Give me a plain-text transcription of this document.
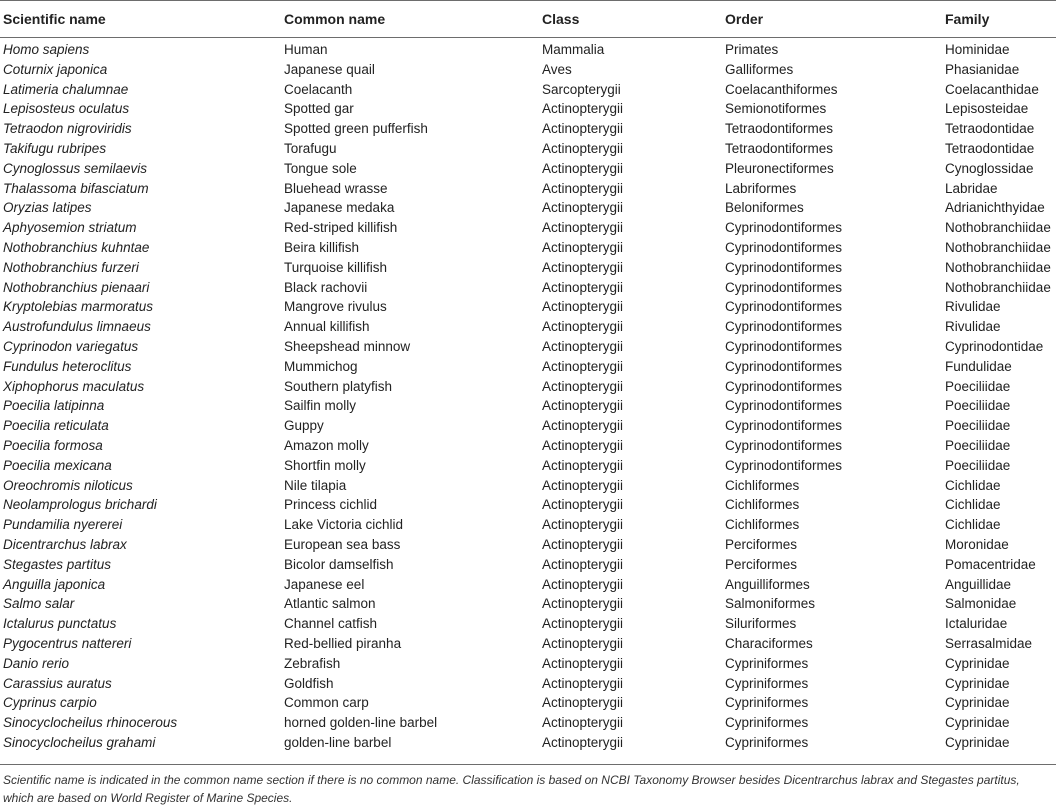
Scientific name	Common name	Class	Order	Family
Homo sapiens	Human	Mammalia	Primates	Hominidae
Coturnix japonica	Japanese quail	Aves	Galliformes	Phasianidae
Latimeria chalumnae	Coelacanth	Sarcopterygii	Coelacanthiformes	Coelacanthidae
Lepisosteus oculatus	Spotted gar	Actinopterygii	Semionotiformes	Lepisosteidae
Tetraodon nigroviridis	Spotted green pufferfish	Actinopterygii	Tetraodontiformes	Tetraodontidae
Takifugu rubripes	Torafugu	Actinopterygii	Tetraodontiformes	Tetraodontidae
Cynoglossus semilaevis	Tongue sole	Actinopterygii	Pleuronectiformes	Cynoglossidae
Thalassoma bifasciatum	Bluehead wrasse	Actinopterygii	Labriformes	Labridae
Oryzias latipes	Japanese medaka	Actinopterygii	Beloniformes	Adrianichthyidae
Aphyosemion striatum	Red-striped killifish	Actinopterygii	Cyprinodontiformes	Nothobranchiidae
Nothobranchius kuhntae	Beira killifish	Actinopterygii	Cyprinodontiformes	Nothobranchiidae
Nothobranchius furzeri	Turquoise killifish	Actinopterygii	Cyprinodontiformes	Nothobranchiidae
Nothobranchius pienaari	Black rachovii	Actinopterygii	Cyprinodontiformes	Nothobranchiidae
Kryptolebias marmoratus	Mangrove rivulus	Actinopterygii	Cyprinodontiformes	Rivulidae
Austrofundulus limnaeus	Annual killifish	Actinopterygii	Cyprinodontiformes	Rivulidae
Cyprinodon variegatus	Sheepshead minnow	Actinopterygii	Cyprinodontiformes	Cyprinodontidae
Fundulus heteroclitus	Mummichog	Actinopterygii	Cyprinodontiformes	Fundulidae
Xiphophorus maculatus	Southern platyfish	Actinopterygii	Cyprinodontiformes	Poeciliidae
Poecilia latipinna	Sailfin molly	Actinopterygii	Cyprinodontiformes	Poeciliidae
Poecilia reticulata	Guppy	Actinopterygii	Cyprinodontiformes	Poeciliidae
Poecilia formosa	Amazon molly	Actinopterygii	Cyprinodontiformes	Poeciliidae
Poecilia mexicana	Shortfin molly	Actinopterygii	Cyprinodontiformes	Poeciliidae
Oreochromis niloticus	Nile tilapia	Actinopterygii	Cichliformes	Cichlidae
Neolamprologus brichardi	Princess cichlid	Actinopterygii	Cichliformes	Cichlidae
Pundamilia nyererei	Lake Victoria cichlid	Actinopterygii	Cichliformes	Cichlidae
Dicentrarchus labrax	European sea bass	Actinopterygii	Perciformes	Moronidae
Stegastes partitus	Bicolor damselfish	Actinopterygii	Perciformes	Pomacentridae
Anguilla japonica	Japanese eel	Actinopterygii	Anguilliformes	Anguillidae
Salmo salar	Atlantic salmon	Actinopterygii	Salmoniformes	Salmonidae
Ictalurus punctatus	Channel catfish	Actinopterygii	Siluriformes	Ictaluridae
Pygocentrus nattereri	Red-bellied piranha	Actinopterygii	Characiformes	Serrasalmidae
Danio rerio	Zebrafish	Actinopterygii	Cypriniformes	Cyprinidae
Carassius auratus	Goldfish	Actinopterygii	Cypriniformes	Cyprinidae
Cyprinus carpio	Common carp	Actinopterygii	Cypriniformes	Cyprinidae
Sinocyclocheilus rhinocerous	horned golden-line barbel	Actinopterygii	Cypriniformes	Cyprinidae
Sinocyclocheilus grahami	golden-line barbel	Actinopterygii	Cypriniformes	Cyprinidae
Scientific name is indicated in the common name section if there is no common name. Classification is based on NCBI Taxonomy Browser besides Dicentrarchus labrax and Stegastes partitus, which are based on World Register of Marine Species.
